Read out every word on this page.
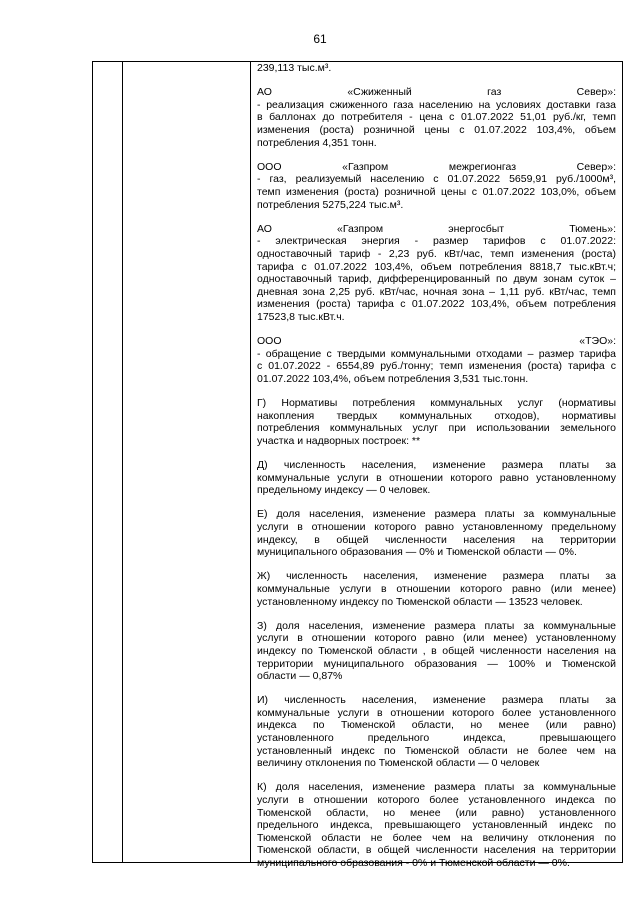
61
239,113 тыс.м³.
АО «Сжиженный газ Север»:
- реализация сжиженного газа населению на условиях доставки газа
в баллонах до потребителя - цена с 01.07.2022 51,01 руб./кг, темп
изменения (роста) розничной цены с 01.07.2022 103,4%, объем
потребления 4,351 тонн.
ООО «Газпром межрегионгаз Север»:
- газ, реализуемый населению с 01.07.2022 5659,91 руб./1000м³,
темп изменения (роста) розничной цены с 01.07.2022 103,0%, объем
потребления 5275,224 тыс.м³.
АО «Газпром энергосбыт Тюмень»:
- электрическая энергия - размер тарифов с 01.07.2022:
одноставочный тариф - 2,23 руб. кВт/час, темп изменения (роста)
тарифа с 01.07.2022 103,4%, объем потребления 8818,7 тыс.кВт.ч;
одноставочный тариф, дифференцированный по двум зонам суток –
дневная зона 2,25 руб. кВт/час, ночная зона – 1,11 руб. кВт/час, темп
изменения (роста) тарифа с 01.07.2022 103,4%, объем потребления
17523,8 тыс.кВт.ч.
ООО «ТЭО»:
- обращение с твердыми коммунальными отходами – размер тарифа
с 01.07.2022 - 6554,89 руб./тонну; темп изменения (роста) тарифа с
01.07.2022 103,4%, объем потребления 3,531 тыс.тонн.
Г) Нормативы потребления коммунальных услуг (нормативы
накопления твердых коммунальных отходов), нормативы
потребления коммунальных услуг при использовании земельного
участка и надворных построек: **
Д) численность населения, изменение размера платы за
коммунальные услуги в отношении которого равно установленному
предельному индексу — 0 человек.
Е) доля населения, изменение размера платы за коммунальные
услуги в отношении которого равно установленному предельному
индексу, в общей численности населения на территории
муниципального образования — 0% и Тюменской области — 0%.
Ж) численность населения, изменение размера платы за
коммунальные услуги в отношении которого равно (или менее)
установленному индексу по Тюменской области — 13523 человек.
З) доля населения, изменение размера платы за коммунальные
услуги в отношении которого равно (или менее) установленному
индексу по Тюменской области , в общей численности населения на
территории муниципального образования — 100% и Тюменской
области — 0,87%
И) численность населения, изменение размера платы за
коммунальные услуги в отношении которого более установленного
индекса по Тюменской области, но менее (или равно)
установленного предельного индекса, превышающего
установленный индекс по Тюменской области не более чем на
величину отклонения по Тюменской области — 0 человек
К) доля населения, изменение размера платы за коммунальные
услуги в отношении которого более установленного индекса по
Тюменской области, но менее (или равно) установленного
предельного индекса, превышающего установленный индекс по
Тюменской области не более чем на величину отклонения по
Тюменской области, в общей численности населения на территории
муниципального образования - 0% и Тюменской области — 0%.
